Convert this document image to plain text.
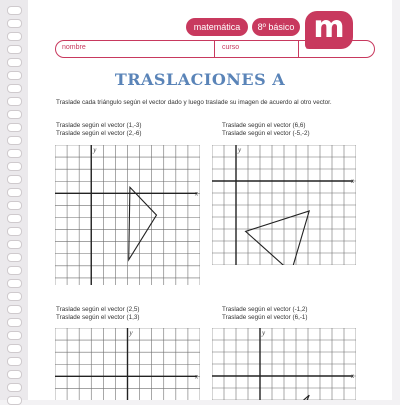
matemática	8º básico m
nombre	curso	fecha
TRASLACIONES A
Traslade cada triángulo según el vector dado y luego traslade su imagen de acuerdo al otro vector.
Traslade según el vector (1,-3)
Traslade según el vector (2,-6)
y
x
Traslade según el vector (6,6)
Traslade según el vector (-5,-2)
y
x
Traslade según el vector (2,5)
Traslade según el vector (1,3)
y
x
Traslade según el vector (-1,2)
Traslade según el vector (6,-1)
y
x
